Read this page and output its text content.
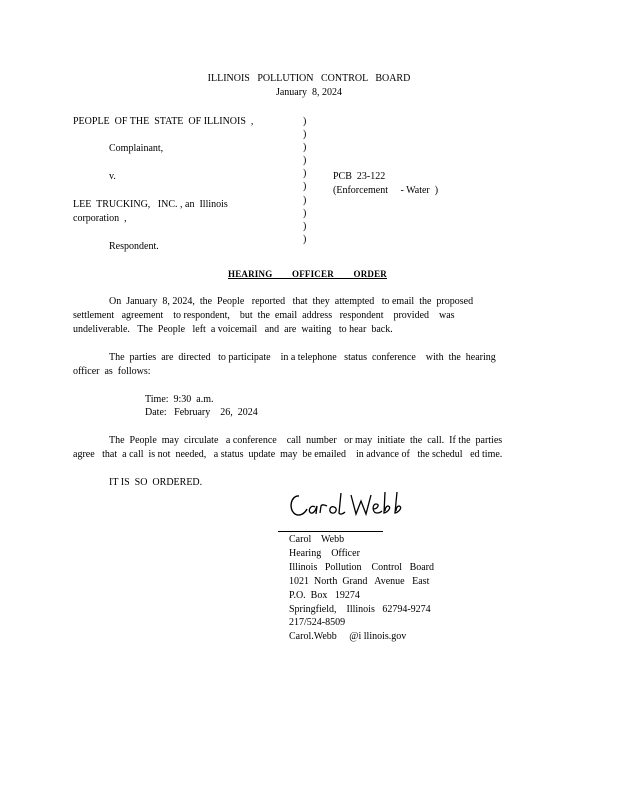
ILLINOIS   POLLUTION   CONTROL   BOARD
January  8, 2024
PEOPLE  OF THE  STATE  OF ILLINOIS  ,
Complainant,
v.
LEE  TRUCKING,   INC. , an  Illinois
corporation  ,
Respondent.
)
)
)
)
)
)
)
)
)
)
PCB  23-122
(Enforcement     - Water  )
HEARING        OFFICER        ORDER
On  January  8, 2024,  the  People   reported   that  they  attempted   to email  the  proposed
settlement   agreement    to respondent,    but  the  email  address   respondent    provided    was
undeliverable.   The  People   left  a voicemail   and  are  waiting   to hear  back.
The  parties  are  directed   to participate    in a telephone   status  conference    with  the  hearing
officer  as  follows:
Time:  9:30  a.m.
Date:   February    26,  2024
The  People  may  circulate   a conference    call  number   or may  initiate  the  call.  If the  parties
agree   that  a call  is not  needed,   a status  update  may  be emailed    in advance of   the schedul   ed time.
IT IS  SO  ORDERED.
Carol    Webb
Hearing    Officer
Illinois   Pollution    Control   Board
1021  North  Grand   Avenue   East
P.O.  Box   19274
Springfield,    Illinois   62794-9274
217/524-8509
Carol.Webb     @i llinois.gov
